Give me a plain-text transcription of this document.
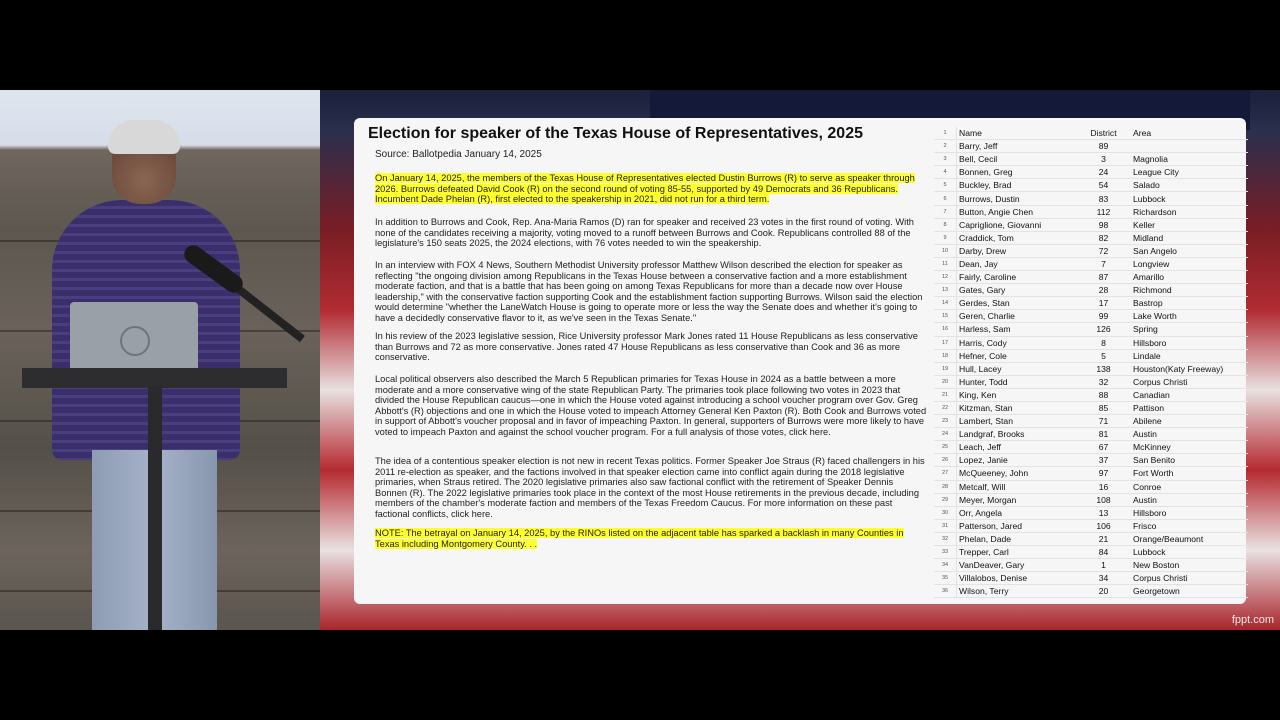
fppt.com
Election for speaker of the Texas House of Representatives, 2025
Source: Ballotpedia January 14, 2025

On January 14, 2025, the members of the Texas House of Representatives elected Dustin Burrows (R) to serve as speaker through 2026. Burrows defeated David Cook (R) on the second round of voting 85-55, supported by 49 Democrats and 36 Republicans. Incumbent Dade Phelan (R), first elected to the speakership in 2021, did not run for a third term.

In addition to Burrows and Cook, Rep. Ana-Maria Ramos (D) ran for speaker and received 23 votes in the first round of voting. With none of the candidates receiving a majority, voting moved to a runoff between Burrows and Cook. Republicans controlled 88 of the legislature's 150 seats 2025, the 2024 elections, with 76 votes needed to win the speakership.

In an interview with FOX 4 News, Southern Methodist University professor Matthew Wilson described the election for speaker as reflecting "the ongoing division among Republicans in the Texas House between a conservative faction and a more establishment moderate faction, and that is a battle that has been going on among Texas Republicans for more than a decade now over House leadership," with the conservative faction supporting Cook and the establishment faction supporting Burrows. Wilson said the election would determine "whether the LaneWatch House is going to operate more or less the way the Senate does and whether it's going to have a decidedly conservative flavor to it, as we've seen in the Texas Senate."

In his review of the 2023 legislative session, Rice University professor Mark Jones rated 11 House Republicans as less conservative than Burrows and 72 as more conservative. Jones rated 47 House Republicans as less conservative than Cook and 36 as more conservative.

Local political observers also described the March 5 Republican primaries for Texas House in 2024 as a battle between a more moderate and a more conservative wing of the state Republican Party. The primaries took place following two votes in 2023 that divided the House Republican caucus—one in which the House voted against introducing a school voucher program over Gov. Greg Abbott's (R) objections and one in which the House voted to impeach Attorney General Ken Paxton (R). Both Cook and Burrows voted in support of Abbott's voucher proposal and in favor of impeaching Paxton. In general, supporters of Burrows were more likely to have voted to impeach Paxton and against the school voucher program. For a full analysis of those votes, click here.

The idea of a contentious speaker election is not new in recent Texas politics. Former Speaker Joe Straus (R) faced challengers in his 2011 re-election as speaker, and the factions involved in that speaker election came into conflict again during the 2018 legislative primaries, when Straus retired. The 2020 legislative primaries also saw factional conflict with the retirement of Speaker Dennis Bonnen (R). The 2022 legislative primaries took place in the context of the most House retirements in the previous decade, including members of the chamber's moderate faction and members of the Texas Freedom Caucus. For more information on these past factional conflicts, click here.

NOTE: The betrayal on January 14, 2025, by the RINOs listed on the adjacent table has sparked a backlash in many Counties in Texas including Montgomery County. . .

1	Name	District	Area
2	Barry, Jeff	89	
3	Bell, Cecil	3	Magnolia
4	Bonnen, Greg	24	League City
5	Buckley, Brad	54	Salado
6	Burrows, Dustin	83	Lubbock
7	Button, Angie Chen	112	Richardson
8	Capriglione, Giovanni	98	Keller
9	Craddick, Tom	82	Midland
10	Darby, Drew	72	San Angelo
11	Dean, Jay	7	Longview
12	Fairly, Caroline	87	Amarillo
13	Gates, Gary	28	Richmond
14	Gerdes, Stan	17	Bastrop
15	Geren, Charlie	99	Lake Worth
16	Harless, Sam	126	Spring
17	Harris, Cody	8	Hillsboro
18	Hefner, Cole	5	Lindale
19	Hull, Lacey	138	Houston(Katy Freeway)
20	Hunter, Todd	32	Corpus Christi
21	King, Ken	88	Canadian
22	Kitzman, Stan	85	Pattison
23	Lambert, Stan	71	Abilene
24	Landgraf, Brooks	81	Austin
25	Leach, Jeff	67	McKinney
26	Lopez, Janie	37	San Benito
27	McQueeney, John	97	Fort Worth
28	Metcalf, Will	16	Conroe
29	Meyer, Morgan	108	Austin
30	Orr, Angela	13	Hillsboro
31	Patterson, Jared	106	Frisco
32	Phelan, Dade	21	Orange/Beaumont
33	Trepper, Carl	84	Lubbock
34	VanDeaver, Gary	1	New Boston
35	Villalobos, Denise	34	Corpus Christi
36	Wilson, Terry	20	Georgetown
